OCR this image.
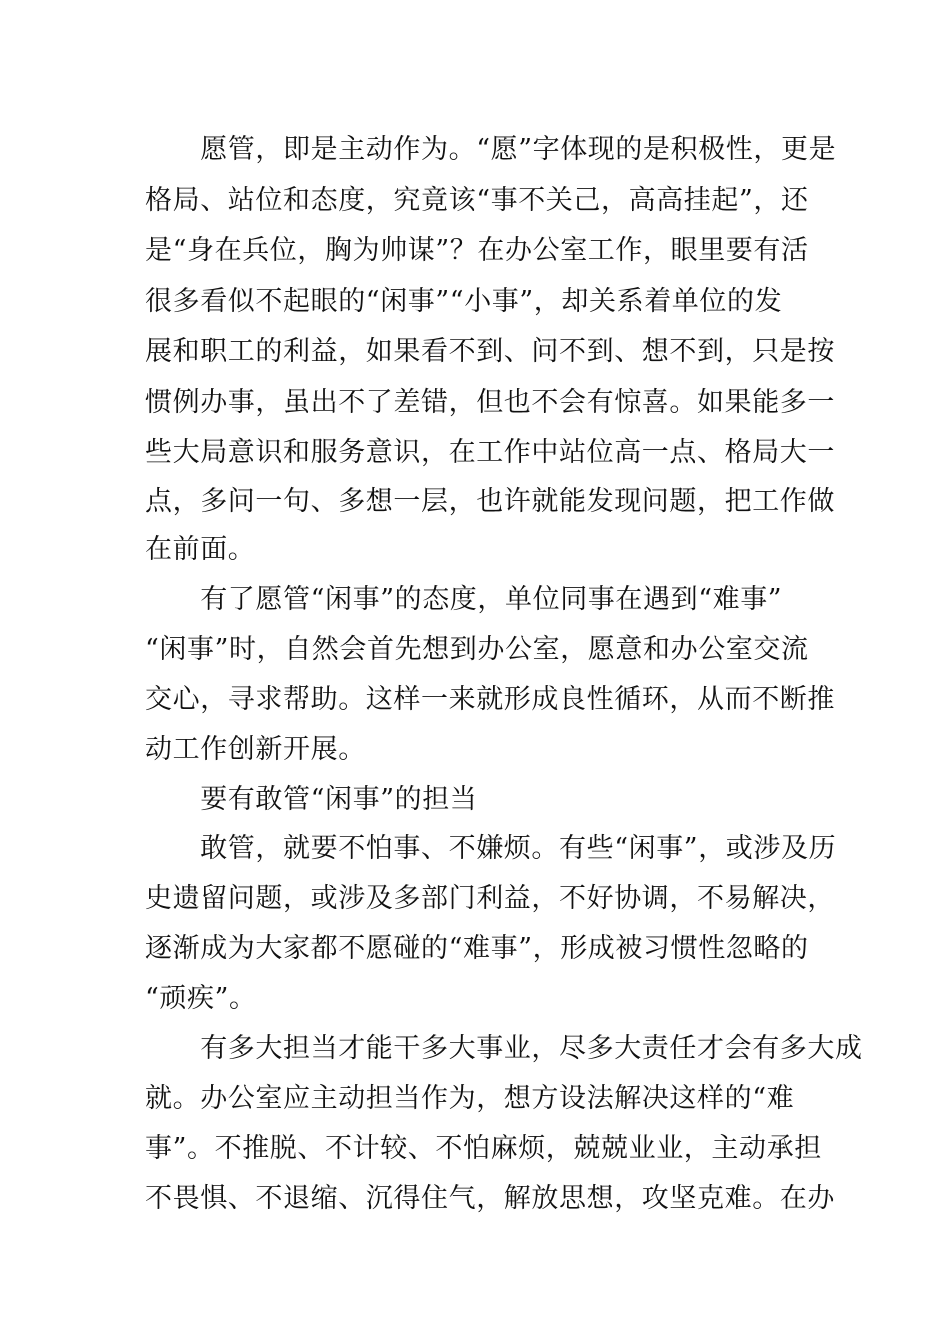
　　愿管，即是主动作为。“愿”字体现的是积极性，更是
格局、站位和态度，究竟该“事不关己，高高挂起”，还
是“身在兵位，胸为帅谋”？在办公室工作，眼里要有活
很多看似不起眼的“闲事”“小事”，却关系着单位的发
展和职工的利益，如果看不到、问不到、想不到，只是按
惯例办事，虽出不了差错，但也不会有惊喜。如果能多一
些大局意识和服务意识，在工作中站位高一点、格局大一
点，多问一句、多想一层，也许就能发现问题，把工作做
在前面。
　　有了愿管“闲事”的态度，单位同事在遇到“难事”
“闲事”时，自然会首先想到办公室，愿意和办公室交流
交心，寻求帮助。这样一来就形成良性循环，从而不断推
动工作创新开展。
　　要有敢管“闲事”的担当
　　敢管，就要不怕事、不嫌烦。有些“闲事”，或涉及历
史遗留问题，或涉及多部门利益，不好协调，不易解决，
逐渐成为大家都不愿碰的“难事”，形成被习惯性忽略的
“顽疾”。
　　有多大担当才能干多大事业，尽多大责任才会有多大成
就。办公室应主动担当作为，想方设法解决这样的“难
事”。不推脱、不计较、不怕麻烦，兢兢业业，主动承担
不畏惧、不退缩、沉得住气，解放思想，攻坚克难。在办
